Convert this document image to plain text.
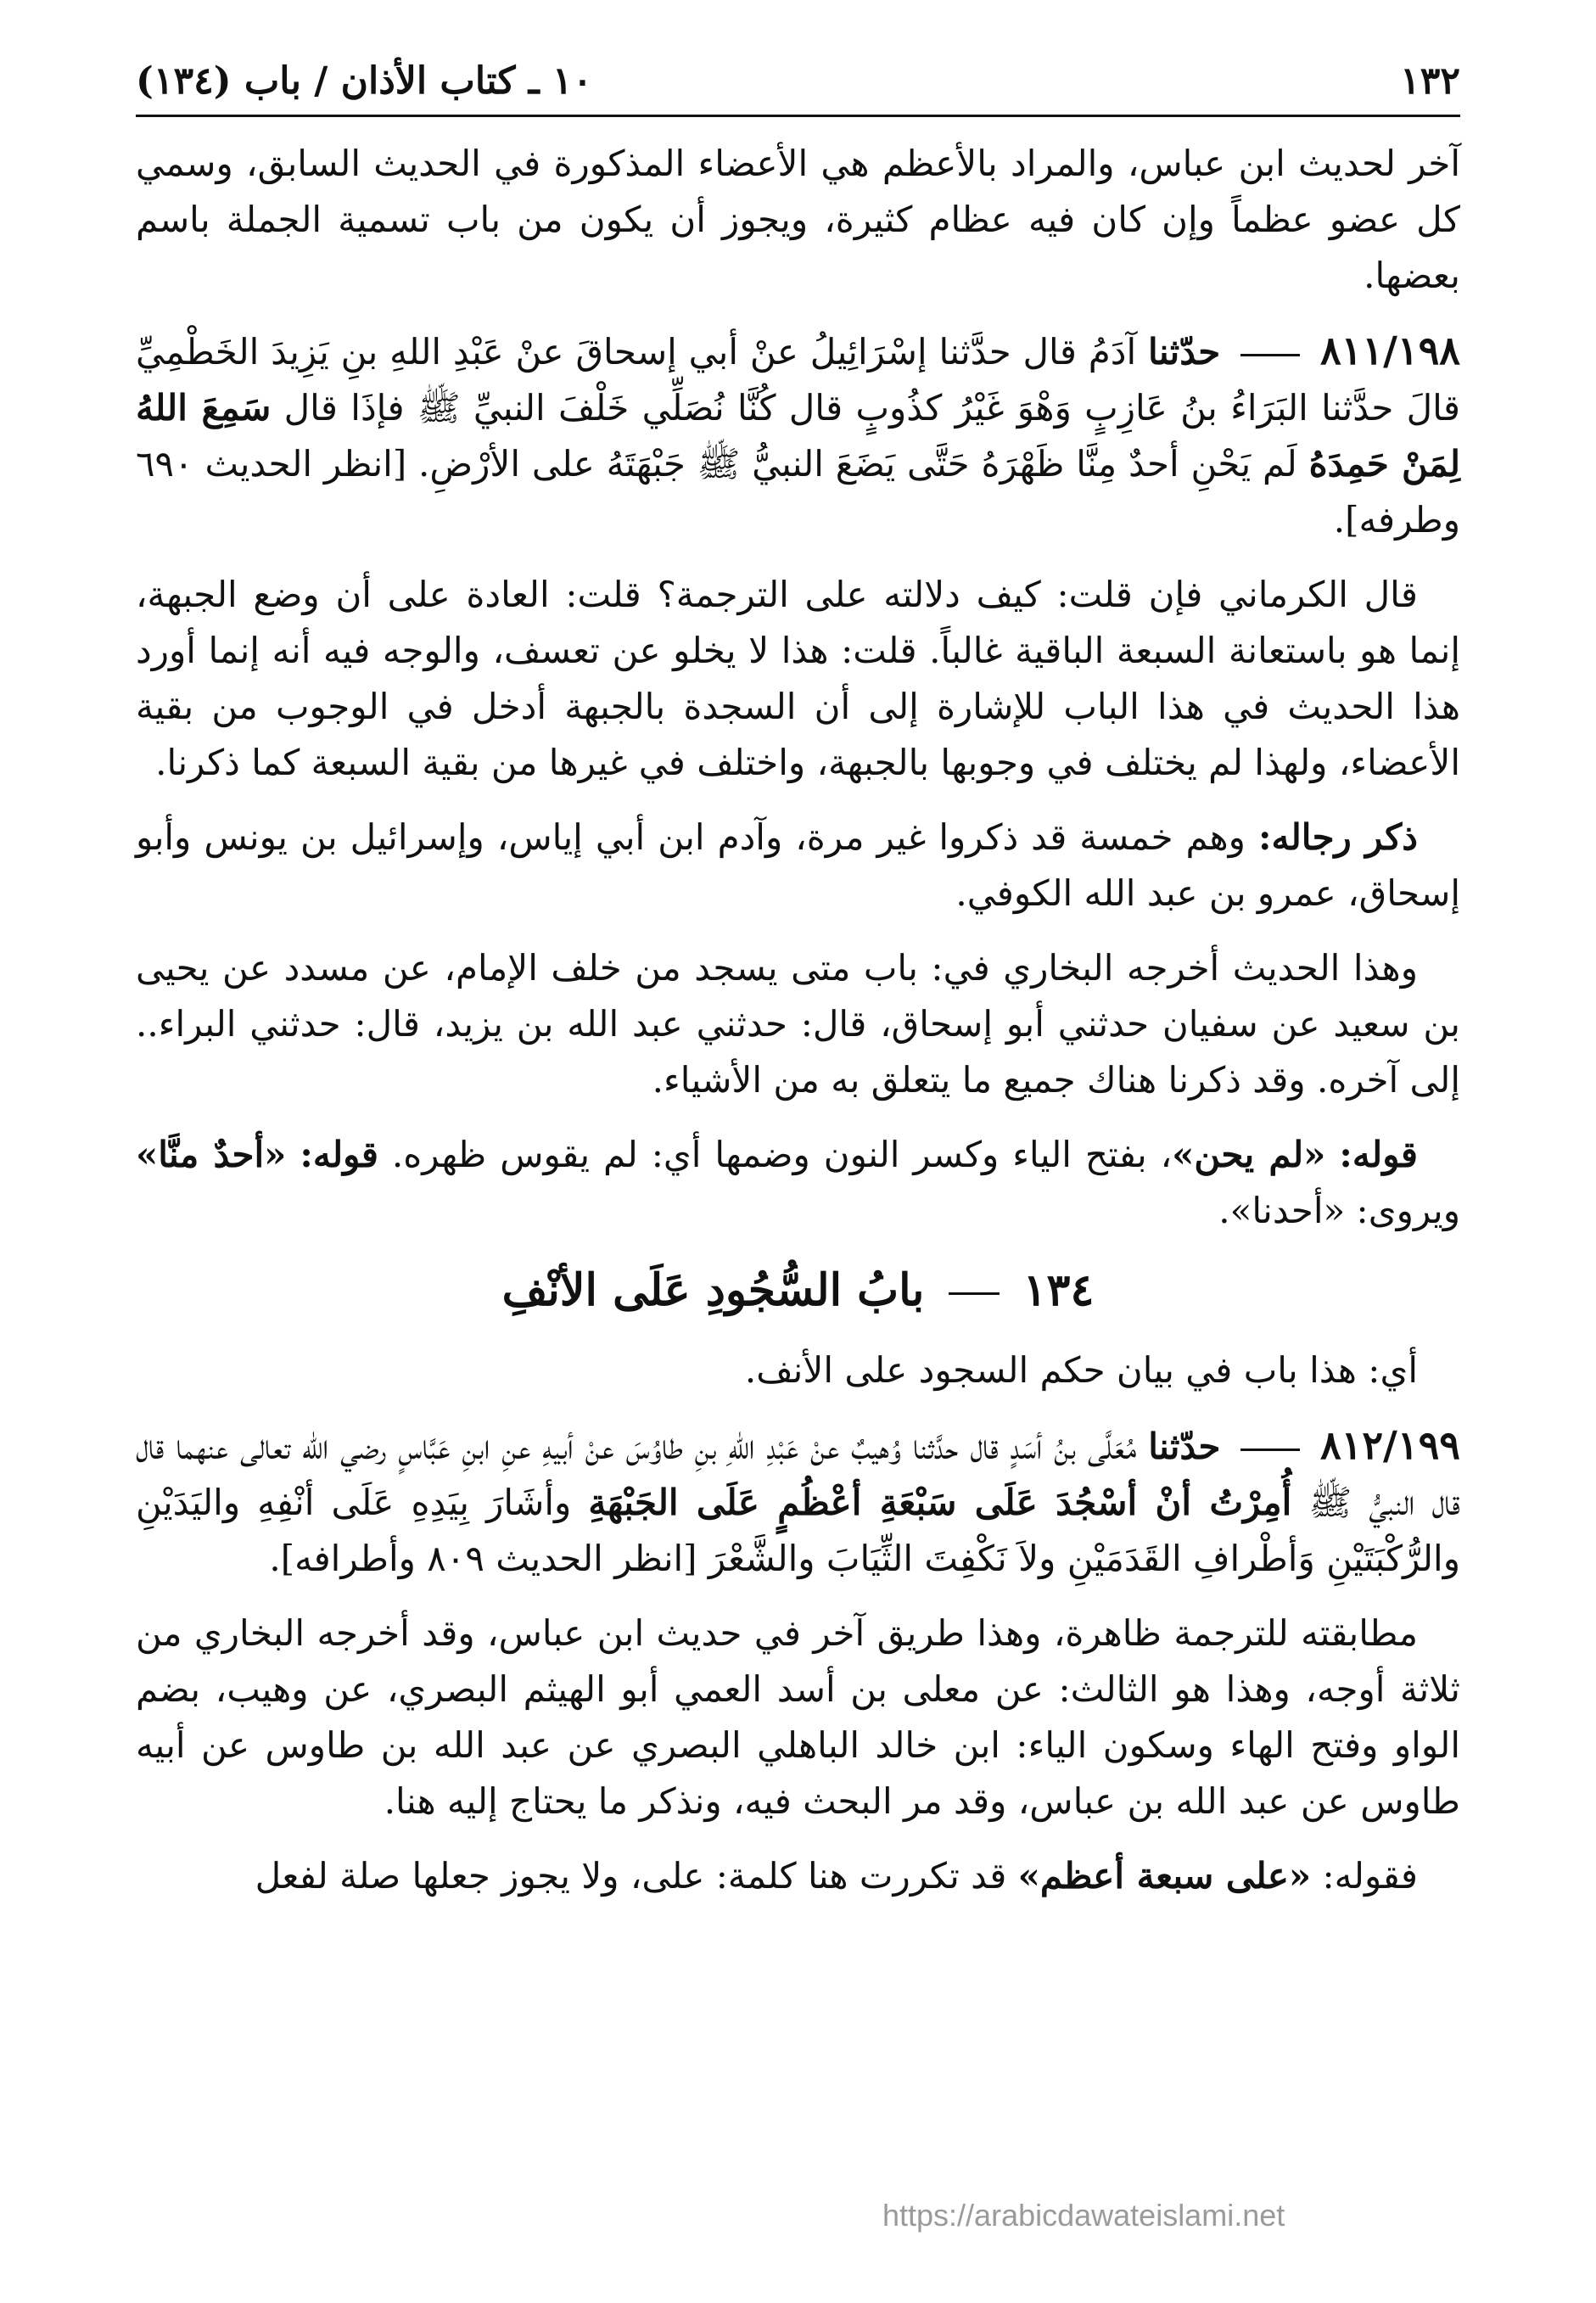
١٣٢
١٠ ـ كتاب الأذان / باب (١٣٤)

آخر لحديث ابن عباس، والمراد بالأعظم هي الأعضاء المذكورة في الحديث السابق، وسمي كل عضو عظماً وإن كان فيه عظام كثيرة، ويجوز أن يكون من باب تسمية الجملة باسم بعضها.

٨١١/١٩٨  حدّثنا آدَمُ قال حدَّثنا إسْرَائِيلُ عنْ أبي إسحاقَ عنْ عَبْدِ اللهِ بنِ يَزِيدَ الخَطْمِيِّ قالَ حدَّثنا البَرَاءُ بنُ عَازِبٍ وَهْوَ غَيْرُ كذُوبٍ قال كُنَّا نُصَلِّي خَلْفَ النبيِّ ﷺ فإذَا قال سَمِعَ اللهُ لِمَنْ حَمِدَهُ لَم يَحْنِ أحدٌ مِنَّا ظَهْرَهُ حَتَّى يَضَعَ النبيُّ ﷺ جَبْهَتَهُ على الأرْضِ. [انظر الحديث ٦٩٠ وطرفه].

قال الكرماني فإن قلت: كيف دلالته على الترجمة؟ قلت: العادة على أن وضع الجبهة، إنما هو باستعانة السبعة الباقية غالباً. قلت: هذا لا يخلو عن تعسف، والوجه فيه أنه إنما أورد هذا الحديث في هذا الباب للإشارة إلى أن السجدة بالجبهة أدخل في الوجوب من بقية الأعضاء، ولهذا لم يختلف في وجوبها بالجبهة، واختلف في غيرها من بقية السبعة كما ذكرنا.

ذكر رجاله: وهم خمسة قد ذكروا غير مرة، وآدم ابن أبي إياس، وإسرائيل بن يونس وأبو إسحاق، عمرو بن عبد الله الكوفي.

وهذا الحديث أخرجه البخاري في: باب متى يسجد من خلف الإمام، عن مسدد عن يحيى بن سعيد عن سفيان حدثني أبو إسحاق، قال: حدثني عبد الله بن يزيد، قال: حدثني البراء.. إلى آخره. وقد ذكرنا هناك جميع ما يتعلق به من الأشياء.

قوله: «لم يحن»، بفتح الياء وكسر النون وضمها أي: لم يقوس ظهره. قوله: «أحدٌ منَّا» ويروى: «أحدنا».

١٣٤  بابُ السُّجُودِ عَلَى الأنْفِ

أي: هذا باب في بيان حكم السجود على الأنف.

٨١٢/١٩٩  حدّثنا مُعَلَّى بنُ أسَدٍ قال حدَّثنا وُهيبٌ عنْ عَبْدِ اللهِ بنِ طاوُسَ عنْ أبيهِ عنِ ابنِ عَبَّاسٍ رضي الله تعالى عنهما قال قال النبيُّ ﷺ أُمِرْتُ أنْ أسْجُدَ عَلَى سَبْعَةِ أعْظُمٍ عَلَى الجَبْهَةِ وأشَارَ بِيَدِهِ عَلَى أنْفِهِ واليَدَيْنِ والرُّكْبَتَيْنِ وَأطْرافِ القَدَمَيْنِ ولاَ نَكْفِتَ الثِّيَابَ والشَّعْرَ [انظر الحديث ٨٠٩ وأطرافه].

مطابقته للترجمة ظاهرة، وهذا طريق آخر في حديث ابن عباس، وقد أخرجه البخاري من ثلاثة أوجه، وهذا هو الثالث: عن معلى بن أسد العمي أبو الهيثم البصري، عن وهيب، بضم الواو وفتح الهاء وسكون الياء: ابن خالد الباهلي البصري عن عبد الله بن طاوس عن أبيه طاوس عن عبد الله بن عباس، وقد مر البحث فيه، ونذكر ما يحتاج إليه هنا.

فقوله: «على سبعة أعظم» قد تكررت هنا كلمة: على، ولا يجوز جعلها صلة لفعل

https://arabicdawateislami.net
